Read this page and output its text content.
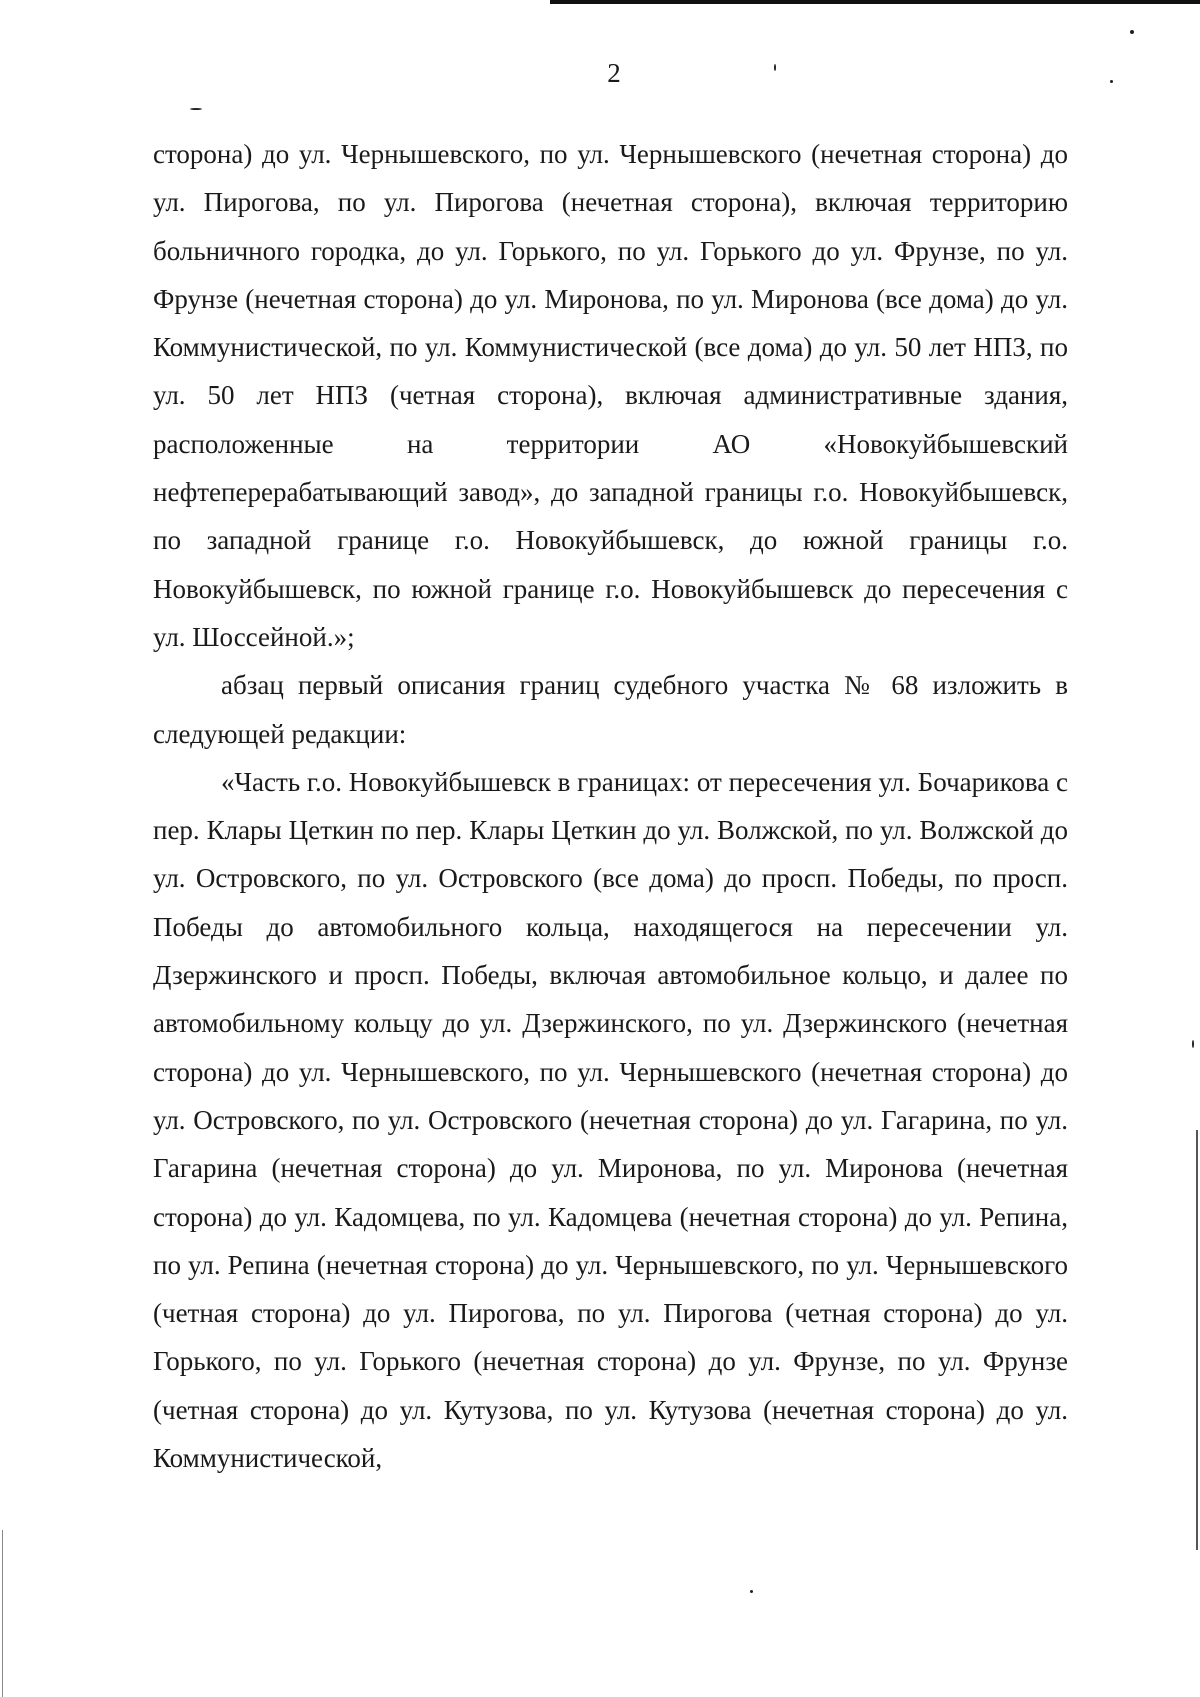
2

сторона) до ул. Чернышевского, по ул. Чернышевского (нечетная сторона) до ул. Пирогова, по ул. Пирогова (нечетная сторона), включая территорию больничного городка, до ул. Горького, по ул. Горького до ул. Фрунзе, по ул. Фрунзе (нечетная сторона) до ул. Миронова, по ул. Миронова (все дома) до ул. Коммунистической, по ул. Коммунистической (все дома) до ул. 50 лет НПЗ, по ул. 50 лет НПЗ (четная сторона), включая административные здания, расположенные на территории АО «Новокуйбышевский нефтеперерабатывающий завод», до западной границы г.о. Новокуйбышевск, по западной границе г.о. Новокуйбышевск, до южной границы г.о. Новокуйбышевск, по южной границе г.о. Новокуйбышевск до пересечения с ул. Шоссейной.»;

абзац первый описания границ судебного участка № 68 изложить в следующей редакции:

«Часть г.о. Новокуйбышевск в границах: от пересечения ул. Бочарикова с пер. Клары Цеткин по пер. Клары Цеткин до ул. Волжской, по ул. Волжской до ул. Островского, по ул. Островского (все дома) до просп. Победы, по просп. Победы до автомобильного кольца, находящегося на пересечении ул. Дзержинского и просп. Победы, включая автомобильное кольцо, и далее по автомобильному кольцу до ул. Дзержинского, по ул. Дзержинского (нечетная сторона) до ул. Чернышевского, по ул. Чернышевского (нечетная сторона) до ул. Островского, по ул. Островского (нечетная сторона) до ул. Гагарина, по ул. Гагарина (нечетная сторона) до ул. Миронова, по ул. Миронова (нечетная сторона) до ул. Кадомцева, по ул. Кадомцева (нечетная сторона) до ул. Репина, по ул. Репина (нечетная сторона) до ул. Чернышевского, по ул. Чернышевского (четная сторона) до ул. Пирогова, по ул. Пирогова (четная сторона) до ул. Горького, по ул. Горького (нечетная сторона) до ул. Фрунзе, по ул. Фрунзе (четная сторона) до ул. Кутузова, по ул. Кутузова (нечетная сторона) до ул. Коммунистической,
